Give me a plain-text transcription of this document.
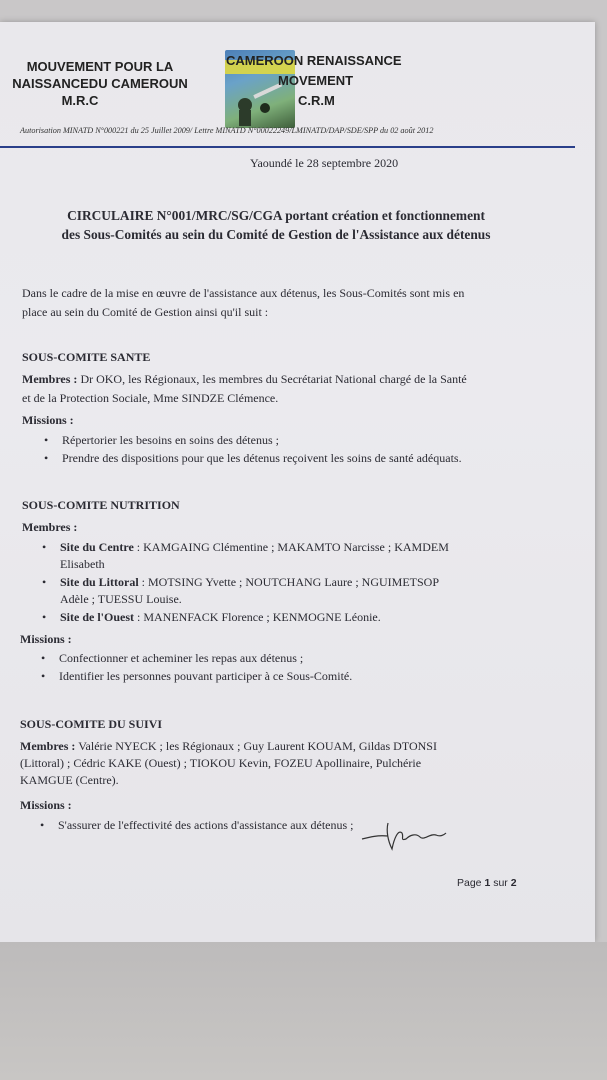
MOUVEMENT POUR LA
NAISSANCEDU CAMEROUN
M.R.C
CAMEROON RENAISSANCE
MOVEMENT
C.R.M
Autorisation MINATD N°000221 du 25 Juillet 2009/ Lettre MINATD N°00022249/LMINATD/DAP/SDE/SPP du 02 août 2012
Yaoundé le 28 septembre 2020
CIRCULAIRE N°001/MRC/SG/CGA portant création et fonctionnement
des Sous-Comités au sein du Comité de Gestion de l'Assistance aux détenus
Dans le cadre de la mise en œuvre de l'assistance aux détenus, les Sous-Comités sont mis en
place au sein du Comité de Gestion ainsi qu'il suit :
SOUS-COMITE SANTE
Membres : Dr OKO, les Régionaux, les membres du Secrétariat National chargé de la Santé
et de la Protection Sociale, Mme SINDZE Clémence.
Missions :
• Répertorier les besoins en soins des détenus ;
• Prendre des dispositions pour que les détenus reçoivent les soins de santé adéquats.
SOUS-COMITE NUTRITION
Membres :
• Site du Centre : KAMGAING Clémentine ; MAKAMTO Narcisse ; KAMDEM
Elisabeth
• Site du Littoral : MOTSING Yvette ; NOUTCHANG Laure ; NGUIMETSOP
Adèle ; TUESSU Louise.
• Site de l'Ouest : MANENFACK Florence ; KENMOGNE Léonie.
Missions :
• Confectionner et acheminer les repas aux détenus ;
• Identifier les personnes pouvant participer à ce Sous-Comité.
SOUS-COMITE DU SUIVI
Membres : Valérie NYECK ; les Régionaux ; Guy Laurent KOUAM, Gildas DTONSI
(Littoral) ; Cédric KAKE (Ouest) ; TIOKOU Kevin, FOZEU Apollinaire, Pulchérie
KAMGUE (Centre).
Missions :
• S'assurer de l'effectivité des actions d'assistance aux détenus ;
Page 1 sur 2
